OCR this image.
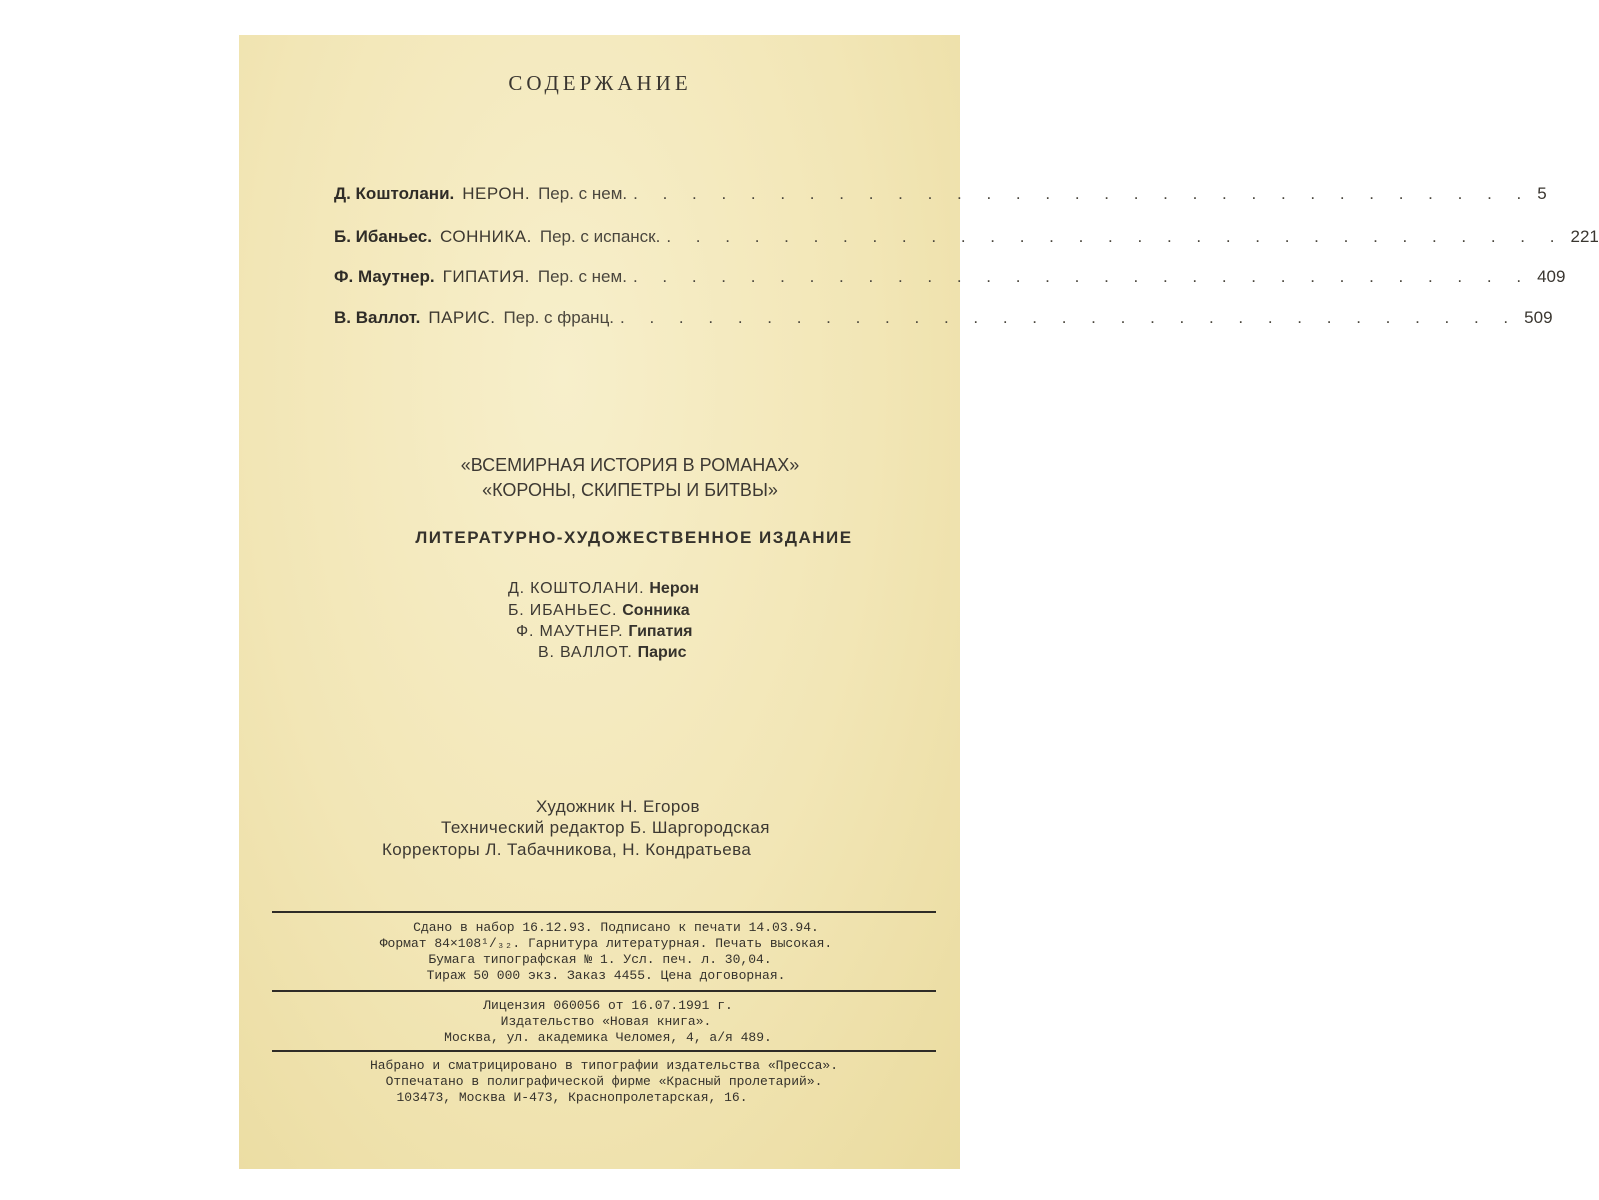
СОДЕРЖАНИЕ
Д. Коштолани. НЕРОН. Пер. с нем. . . . . . . . . . . . . . . . . . . . . . . . . . . . . . . . 5
Б. Ибаньес. СОННИКА. Пер. с испанск. . . . . . . . . . . . . . . . . . . . . . . . . . . . . . . . 221
Ф. Маутнер. ГИПАТИЯ. Пер. с нем. . . . . . . . . . . . . . . . . . . . . . . . . . . . . . . . 409
В. Валлот. ПАРИС. Пер. с франц. . . . . . . . . . . . . . . . . . . . . . . . . . . . . . . . 509
«ВСЕМИРНАЯ ИСТОРИЯ В РОМАНАХ»
«КОРОНЫ, СКИПЕТРЫ И БИТВЫ»
ЛИТЕРАТУРНО-ХУДОЖЕСТВЕННОЕ ИЗДАНИЕ
Д. КОШТОЛАНИ. Нерон
Б. ИБАНЬЕС. Сонника
Ф. МАУТНЕР. Гипатия
В. ВАЛЛОТ. Парис
Художник Н. Егоров
Технический редактор Б. Шаргородская
Корректоры Л. Табачникова, Н. Кондратьева
Сдано в набор 16.12.93. Подписано к печати 14.03.94.
Формат 84×108¹/₃₂. Гарнитура литературная. Печать высокая.
Бумага типографская № 1. Усл. печ. л. 30,04.
Тираж 50 000 экз. Заказ 4455. Цена договорная.
Лицензия 060056 от 16.07.1991 г.
Издательство «Новая книга».
Москва, ул. академика Челомея, 4, а/я 489.
Набрано и сматрицировано в типографии издательства «Пресса».
Отпечатано в полиграфической фирме «Красный пролетарий».
103473, Москва И-473, Краснопролетарская, 16.
